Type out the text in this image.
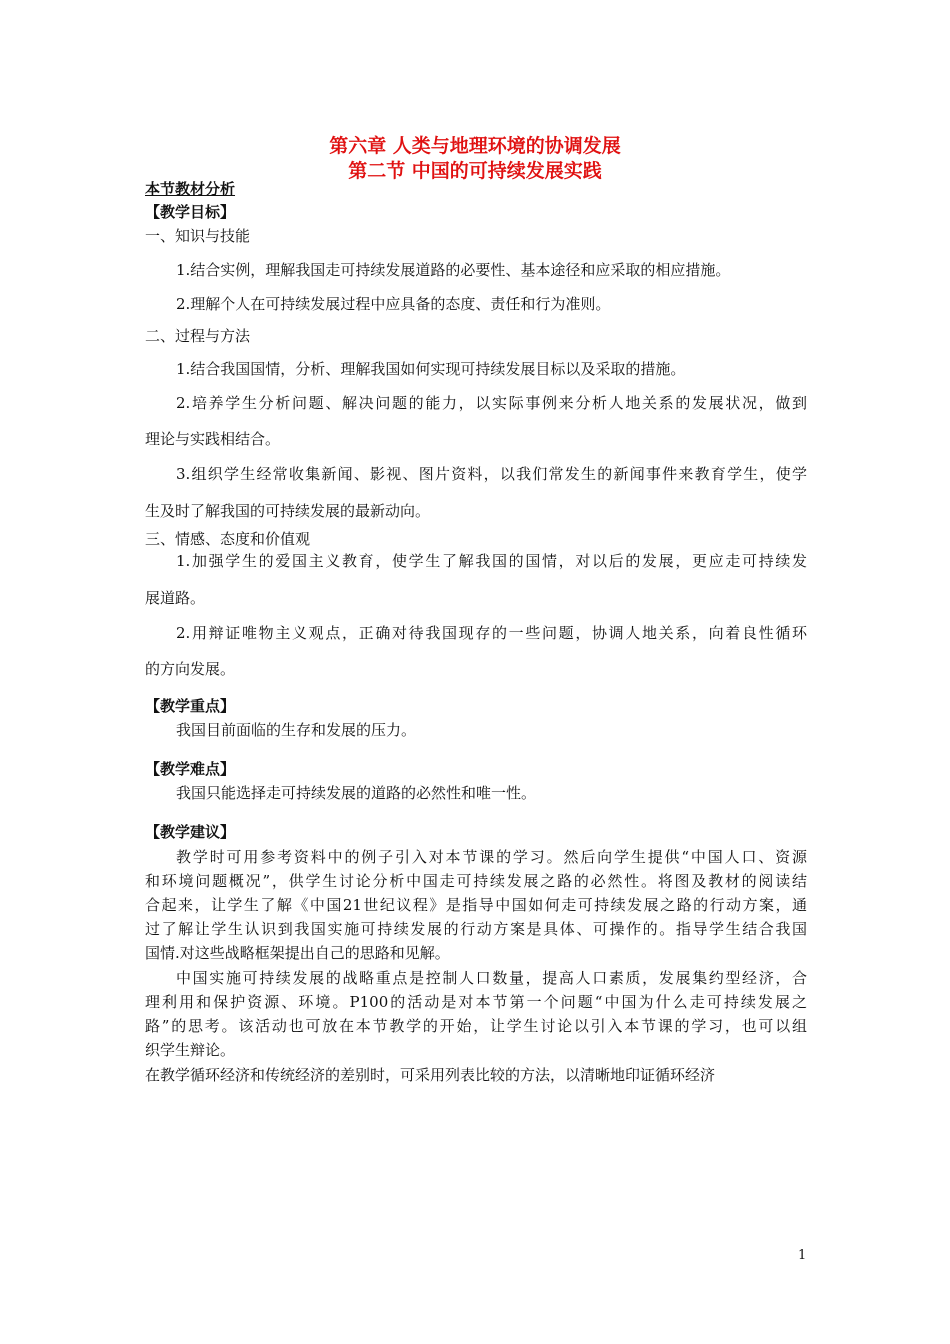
第六章 人类与地理环境的协调发展
第二节 中国的可持续发展实践
本节教材分析
【教学目标】
一、知识与技能
1.结合实例，理解我国走可持续发展道路的必要性、基本途径和应采取的相应措施。
2.理解个人在可持续发展过程中应具备的态度、责任和行为准则。
二、过程与方法
1.结合我国国情，分析、理解我国如何实现可持续发展目标以及采取的措施。
2.培养学生分析问题、解决问题的能力，以实际事例来分析人地关系的发展状况，做到
理论与实践相结合。
3.组织学生经常收集新闻、影视、图片资料，以我们常发生的新闻事件来教育学生，使学
生及时了解我国的可持续发展的最新动向。
三、情感、态度和价值观
1.加强学生的爱国主义教育，使学生了解我国的国情，对以后的发展，更应走可持续发
展道路。
2.用辩证唯物主义观点，正确对待我国现存的一些问题，协调人地关系，向着良性循环
的方向发展。
【教学重点】
我国目前面临的生存和发展的压力。
【教学难点】
我国只能选择走可持续发展的道路的必然性和唯一性。
【教学建议】
教学时可用参考资料中的例子引入对本节课的学习。然后向学生提供“中国人口、资源
和环境问题概况”，供学生讨论分析中国走可持续发展之路的必然性。将图及教材的阅读结
合起来，让学生了解《中国21世纪议程》是指导中国如何走可持续发展之路的行动方案，通
过了解让学生认识到我国实施可持续发展的行动方案是具体、可操作的。指导学生结合我国
国情.对这些战略框架提出自己的思路和见解。
中国实施可持续发展的战略重点是控制人口数量，提高人口素质，发展集约型经济，合
理利用和保护资源、环境。P100的活动是对本节第一个问题“中国为什么走可持续发展之
路”的思考。该活动也可放在本节教学的开始，让学生讨论以引入本节课的学习，也可以组
织学生辩论。
在教学循环经济和传统经济的差别时，可采用列表比较的方法，以清晰地印证循环经济
1
